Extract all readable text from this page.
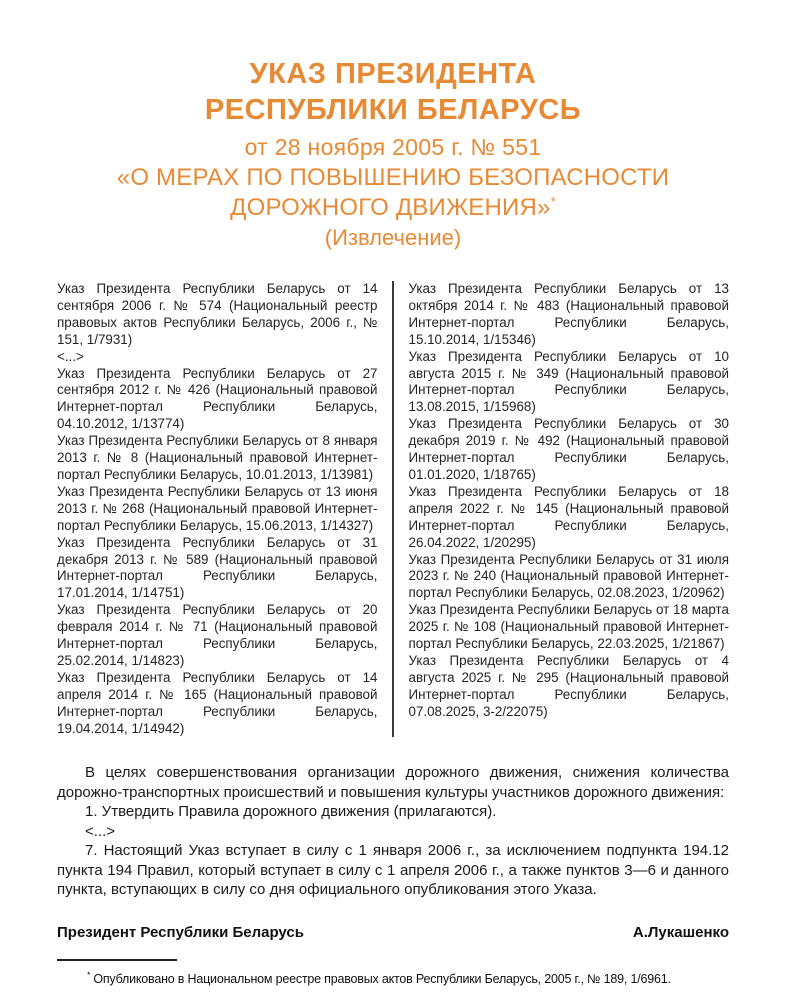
УКАЗ ПРЕЗИДЕНТА
РЕСПУБЛИКИ БЕЛАРУСЬ
от 28 ноября 2005 г. № 551
«О МЕРАХ ПО ПОВЫШЕНИЮ БЕЗОПАСНОСТИ
ДОРОЖНОГО ДВИЖЕНИЯ»*
(Извлечение)

Указ Президента Республики Беларусь от 14 сентября 2006 г. № 574 (Национальный реестр правовых актов Республики Беларусь, 2006 г., № 151, 1/7931)

<...>

Указ Президента Республики Беларусь от 27 сентября 2012 г. № 426 (Национальный правовой Интернет-портал Республики Беларусь, 04.10.2012, 1/13774)

Указ Президента Республики Беларусь от 8 января 2013 г. № 8 (Национальный правовой Интернет-портал Республики Беларусь, 10.01.2013, 1/13981)

Указ Президента Республики Беларусь от 13 июня 2013 г. № 268 (Национальный правовой Интернет-портал Республики Беларусь, 15.06.2013, 1/14327)

Указ Президента Республики Беларусь от 31 декабря 2013 г. № 589 (Национальный правовой Интернет-портал Республики Беларусь, 17.01.2014, 1/14751)

Указ Президента Республики Беларусь от 20 февраля 2014 г. № 71 (Национальный правовой Интернет-портал Республики Беларусь, 25.02.2014, 1/14823)

Указ Президента Республики Беларусь от 14 апреля 2014 г. № 165 (Национальный правовой Интернет-портал Республики Беларусь, 19.04.2014, 1/14942)

Указ Президента Республики Беларусь от 13 октября 2014 г. № 483 (Национальный правовой Интернет-портал Республики Беларусь, 15.10.2014, 1/15346)

Указ Президента Республики Беларусь от 10 августа 2015 г. № 349 (Национальный правовой Интернет-портал Республики Беларусь, 13.08.2015, 1/15968)

Указ Президента Республики Беларусь от 30 декабря 2019 г. № 492 (Национальный правовой Интернет-портал Республики Беларусь, 01.01.2020, 1/18765)

Указ Президента Республики Беларусь от 18 апреля 2022 г. № 145 (Национальный правовой Интернет-портал Республики Беларусь, 26.04.2022, 1/20295)

Указ Президента Республики Беларусь от 31 июля 2023 г. № 240 (Национальный правовой Интернет-портал Республики Беларусь, 02.08.2023, 1/20962)

Указ Президента Республики Беларусь от 18 марта 2025 г. № 108 (Национальный правовой Интернет-портал Республики Беларусь, 22.03.2025, 1/21867)

Указ Президента Республики Беларусь от 4 августа 2025 г. № 295 (Национальный правовой Интернет-портал Республики Беларусь, 07.08.2025, 3-2/22075)

В целях совершенствования организации дорожного движения, снижения количества дорожно-транспортных происшествий и повышения культуры участников дорожного движения:

1. Утвердить Правила дорожного движения (прилагаются).

<...>

7. Настоящий Указ вступает в силу с 1 января 2006 г., за исключением подпункта 194.12 пункта 194 Правил, который вступает в силу с 1 апреля 2006 г., а также пунктов 3—6 и данного пункта, вступающих в силу со дня официального опубликования этого Указа.

Президент Республики Беларусь	А.Лукашенко
* Опубликовано в Национальном реестре правовых актов Республики Беларусь, 2005 г., № 189, 1/6961.
